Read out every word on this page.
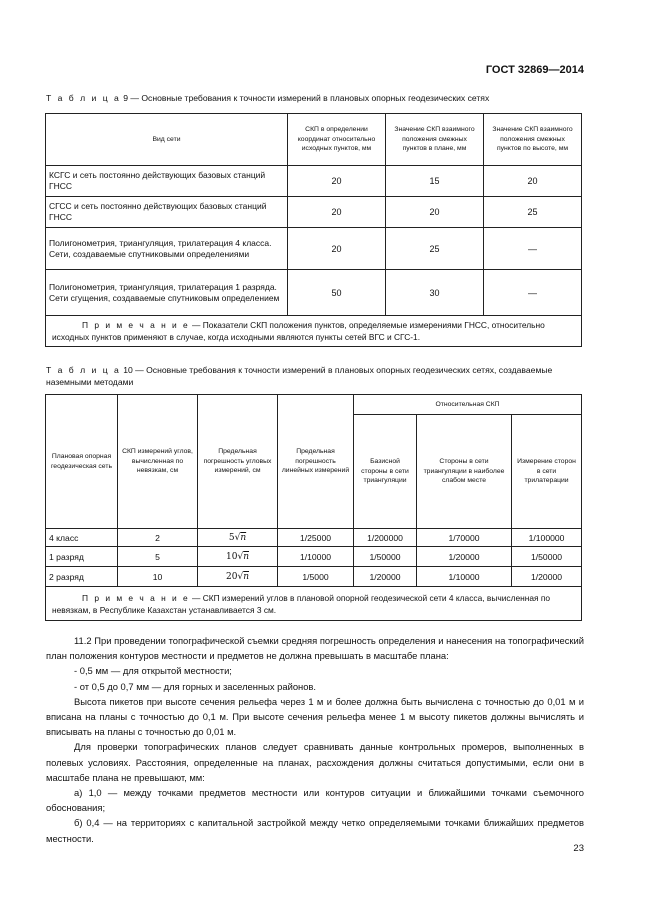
ГОСТ 32869—2014
Т а б л и ц а 9 — Основные требования к точности измерений в плановых опорных геодезических сетях
Вид сети	СКП в определении координат относительно исходных пунктов, мм	Значение СКП взаимного положения смежных пунктов в плане, мм	Значение СКП взаимного положения смежных пунктов по высоте, мм
КСГС и сеть постоянно действующих базовых станций ГНСС	20	15	20
СГСС и сеть постоянно действующих базовых станций ГНСС	20	20	25
Полигонометрия, триангуляция, трилатерация 4 класса. Сети, создаваемые спутниковыми определениями	20	25	—
Полигонометрия, триангуляция, трилатерация 1 разряда. Сети сгущения, создаваемые спутниковым определением	50	30	—
П р и м е ч а н и е — Показатели СКП положения пунктов, определяемые измерениями ГНСС, относительно исходных пунктов применяют в случае, когда исходными являются пункты сетей ВГС и СГС-1.			
Т а б л и ц а 10 — Основные требования к точности измерений в плановых опорных геодезических сетях, создаваемые наземными методами
Плановая опорная геодезическая сеть	СКП измерений углов, вычисленная по невязкам, см	Предельная погрешность угловых измерений, см	Предельная погрешность линейных измерений	Относительная СКП		
				Базисной стороны в сети триангуляции	Стороны в сети триангуляции в наиболее слабом месте	Измерение сторон в сети трилатерации
4 класс	2	5√n	1/25000	1/200000	1/70000	1/100000
1 разряд	5	10√n	1/10000	1/50000	1/20000	1/50000
2 разряд	10	20√n	1/5000	1/20000	1/10000	1/20000
П р и м е ч а н и е — СКП измерений углов в плановой опорной геодезической сети 4 класса, вычисленная по невязкам, в Республике Казахстан устанавливается 3 см.						

11.2 При проведении топографической съемки средняя погрешность определения и нанесения на топографический план положения контуров местности и предметов не должна превышать в масштабе плана:

- 0,5 мм — для открытой местности;

- от 0,5 до 0,7 мм — для горных и заселенных районов.

Высота пикетов при высоте сечения рельефа через 1 м и более должна быть вычислена с точностью до 0,01 м и вписана на планы с точностью до 0,1 м. При высоте сечения рельефа менее 1 м высоту пикетов должны вычислять и вписывать на планы с точностью до 0,01 м.

Для проверки топографических планов следует сравнивать данные контрольных промеров, выполненных в полевых условиях. Расстояния, определенные на планах, расхождения должны считаться допустимыми, если они в масштабе плана не превышают, мм:

а) 1,0 — между точками предметов местности или контуров ситуации и ближайшими точками съемочного обоснования;

б) 0,4 — на территориях с капитальной застройкой между четко определяемыми точками ближайших предметов местности.

23
